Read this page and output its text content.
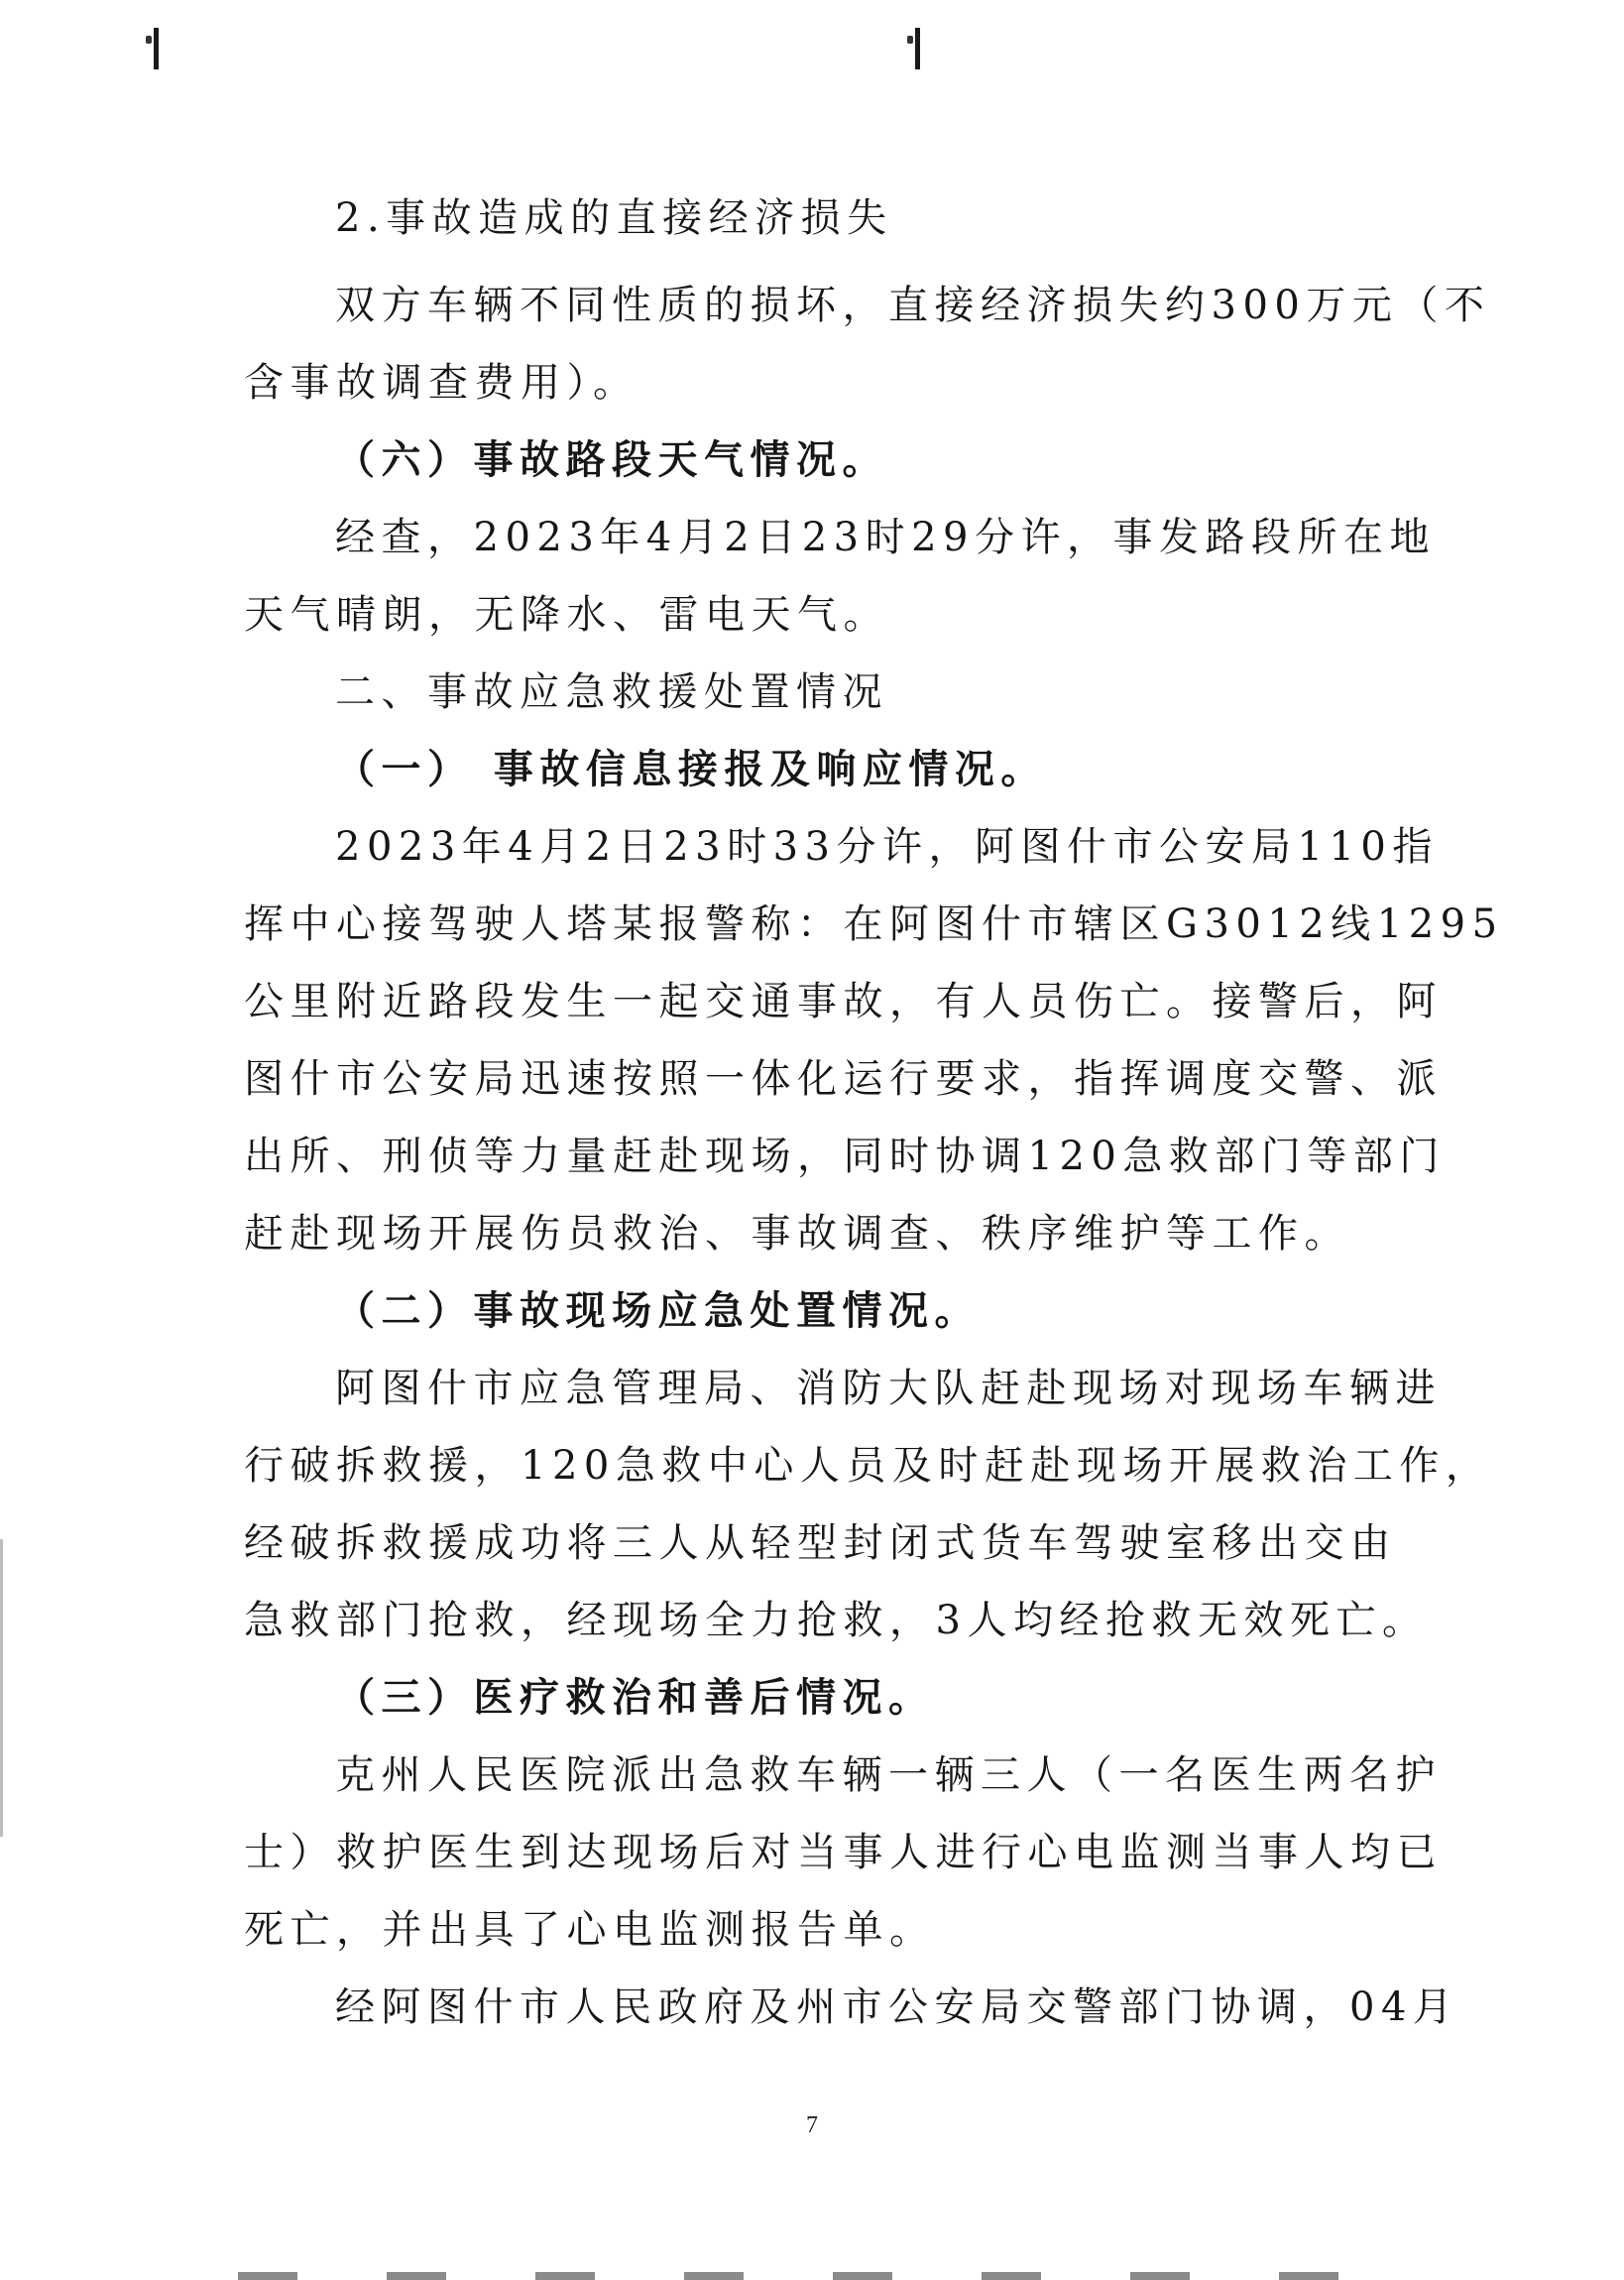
2.事故造成的直接经济损失
双方车辆不同性质的损坏，直接经济损失约300万元（不
含事故调查费用）。
（六）事故路段天气情况。
经查，2023年4月2日23时29分许，事发路段所在地
天气晴朗，无降水、雷电天气。
二、事故应急救援处置情况
（一） 事故信息接报及响应情况。
2023年4月2日23时33分许，阿图什市公安局110指
挥中心接驾驶人塔某报警称：在阿图什市辖区G3012线1295
公里附近路段发生一起交通事故，有人员伤亡。接警后，阿
图什市公安局迅速按照一体化运行要求，指挥调度交警、派
出所、刑侦等力量赶赴现场，同时协调120急救部门等部门
赶赴现场开展伤员救治、事故调查、秩序维护等工作。
（二）事故现场应急处置情况。
阿图什市应急管理局、消防大队赶赴现场对现场车辆进
行破拆救援，120急救中心人员及时赶赴现场开展救治工作，
经破拆救援成功将三人从轻型封闭式货车驾驶室移出交由
急救部门抢救，经现场全力抢救，3人均经抢救无效死亡。
（三）医疗救治和善后情况。
克州人民医院派出急救车辆一辆三人（一名医生两名护
士）救护医生到达现场后对当事人进行心电监测当事人均已
死亡，并出具了心电监测报告单。
经阿图什市人民政府及州市公安局交警部门协调，04月
7
